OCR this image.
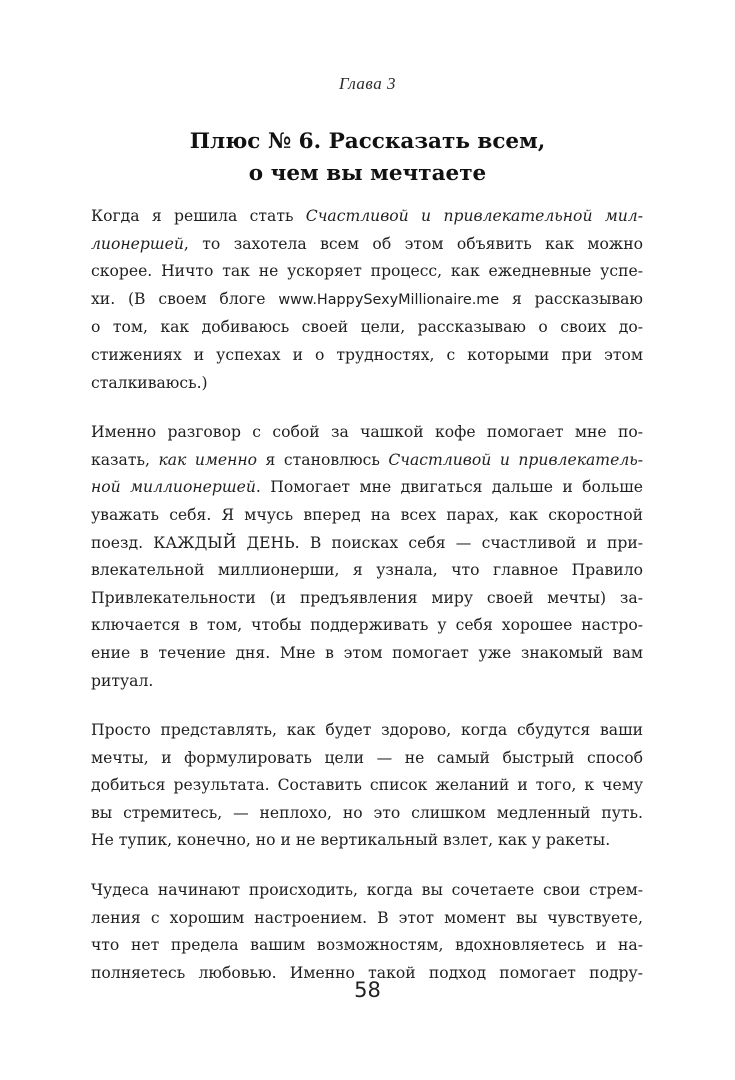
Глава 3
Плюс № 6. Рассказать всем,
о чем вы мечтаете

Когда я решила стать Счастливой и привлекательной мил-
лионершей, то захотела всем об этом объявить как можно
скорее. Ничто так не ускоряет процесс, как ежедневные успе-
хи. (В своем блоге www.HappySexyMillionaire.me я рассказываю
о том, как добиваюсь своей цели, рассказываю о своих до-
стижениях и успехах и о трудностях, с которыми при этом
сталкиваюсь.)

Именно разговор с собой за чашкой кофе помогает мне по-
казать, как именно я становлюсь Счастливой и привлекатель-
ной миллионершей. Помогает мне двигаться дальше и больше
уважать себя. Я мчусь вперед на всех парах, как скоростной
поезд. КАЖДЫЙ ДЕНЬ. В поисках себя — счастливой и при-
влекательной миллионерши, я узнала, что главное Правило
Привлекательности (и предъявления миру своей мечты) за-
ключается в том, чтобы поддерживать у себя хорошее настро-
ение в течение дня. Мне в этом помогает уже знакомый вам
ритуал.

Просто представлять, как будет здорово, когда сбудутся ваши
мечты, и формулировать цели — не самый быстрый способ
добиться результата. Составить список желаний и того, к чему
вы стремитесь, — неплохо, но это слишком медленный путь.
Не тупик, конечно, но и не вертикальный взлет, как у ракеты.

Чудеса начинают происходить, когда вы сочетаете свои стрем-
ления с хорошим настроением. В этот момент вы чувствуете,
что нет предела вашим возможностям, вдохновляетесь и на-
полняетесь любовью. Именно такой подход помогает подру-

58
